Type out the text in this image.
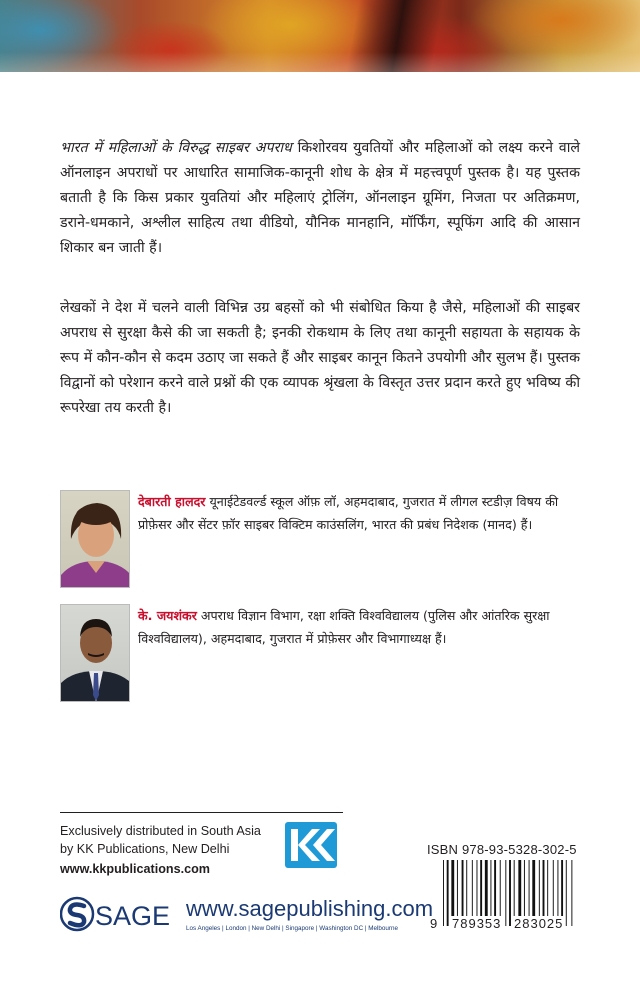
भारत में महिलाओं के विरुद्ध साइबर अपराध किशोरवय युवतियों और महिलाओं को लक्ष्य करने वाले ऑनलाइन अपराधों पर आधारित सामाजिक-कानूनी शोध के क्षेत्र में महत्त्वपूर्ण पुस्तक है। यह पुस्तक बताती है कि किस प्रकार युवतियां और महिलाएं ट्रोलिंग, ऑनलाइन ग्रूमिंग, निजता पर अतिक्रमण, डराने-धमकाने, अश्लील साहित्य तथा वीडियो, यौनिक मानहानि, मॉर्फिंग, स्पूफिंग आदि की आसान शिकार बन जाती हैं।

लेखकों ने देश में चलने वाली विभिन्न उग्र बहसों को भी संबोधित किया है जैसे, महिलाओं की साइबर अपराध से सुरक्षा कैसे की जा सकती है; इनकी रोकथाम के लिए तथा कानूनी सहायता के सहायक के रूप में कौन-कौन से कदम उठाए जा सकते हैं और साइबर कानून कितने उपयोगी और सुलभ हैं। पुस्तक विद्वानों को परेशान करने वाले प्रश्नों की एक व्यापक श्रृंखला के विस्तृत उत्तर प्रदान करते हुए भविष्य की रूपरेखा तय करती है।

देबारती हालदर यूनाईटेडवर्ल्ड स्कूल ऑफ़ लॉ, अहमदाबाद, गुजरात में लीगल स्टडीज़ विषय की प्रोफ़ेसर और सेंटर फ़ॉर साइबर विक्टिम काउंसलिंग, भारत की प्रबंध निदेशक (मानद) हैं।

के. जयशंकर अपराध विज्ञान विभाग, रक्षा शक्ति विश्वविद्यालय (पुलिस और आंतरिक सुरक्षा विश्वविद्यालय), अहमदाबाद, गुजरात में प्रोफ़ेसर और विभागाध्यक्ष हैं।

Exclusively distributed in South Asia
by KK Publications, New Delhi
www.kkpublications.com
ISBN 978-93-5328-302-5
9 789353 283025
SAGE www.sagepublishing.com
Los Angeles | London | New Delhi | Singapore | Washington DC | Melbourne
